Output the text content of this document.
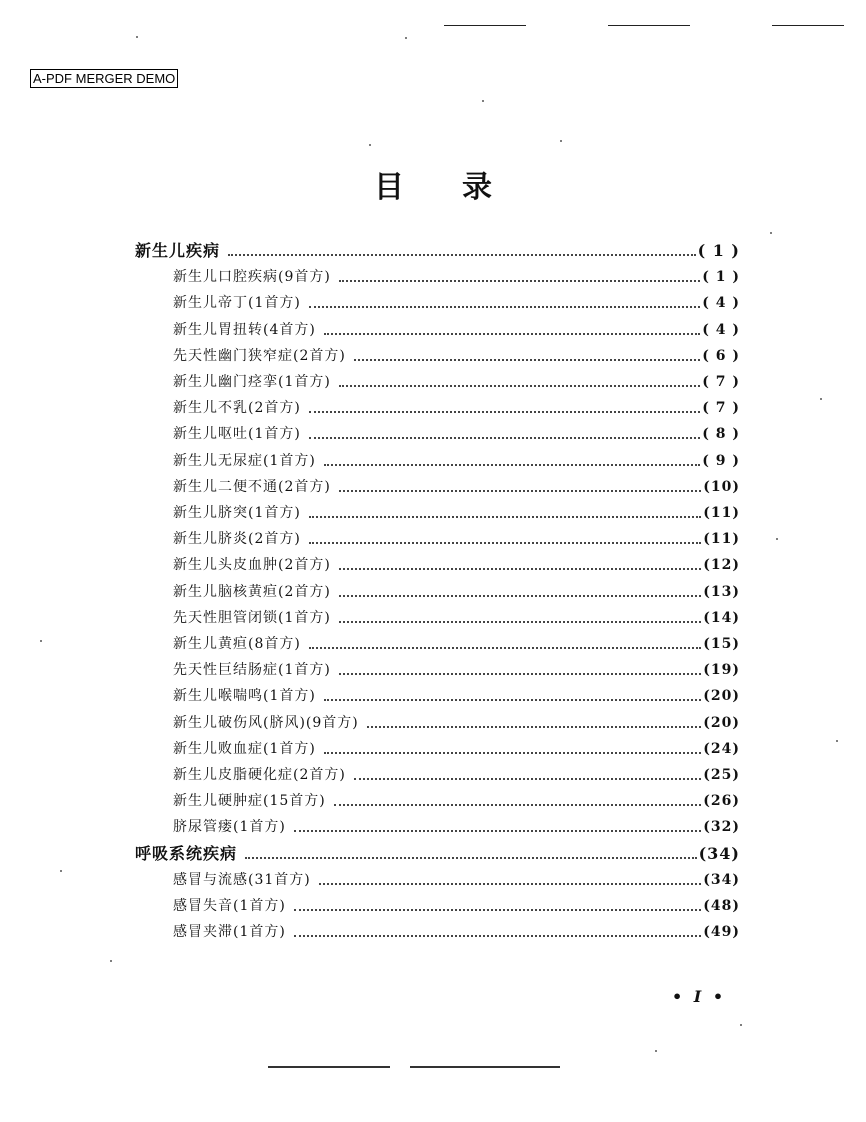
A-PDF MERGER DEMO
目录
新生儿疾病	( 1 )
新生儿口腔疾病(9首方)	( 1 )
新生儿帝丁(1首方)	( 4 )
新生儿胃扭转(4首方)	( 4 )
先天性幽门狭窄症(2首方)	( 6 )
新生儿幽门痉挛(1首方)	( 7 )
新生儿不乳(2首方)	( 7 )
新生儿呕吐(1首方)	( 8 )
新生儿无尿症(1首方)	( 9 )
新生儿二便不通(2首方)	(10)
新生儿脐突(1首方)	(11)
新生儿脐炎(2首方)	(11)
新生儿头皮血肿(2首方)	(12)
新生儿脑核黄疸(2首方)	(13)
先天性胆管闭锁(1首方)	(14)
新生儿黄疸(8首方)	(15)
先天性巨结肠症(1首方)	(19)
新生儿喉喘鸣(1首方)	(20)
新生儿破伤风(脐风)(9首方)	(20)
新生儿败血症(1首方)	(24)
新生儿皮脂硬化症(2首方)	(25)
新生儿硬肿症(15首方)	(26)
脐尿管瘘(1首方)	(32)
呼吸系统疾病	(34)
感冒与流感(31首方)	(34)
感冒失音(1首方)	(48)
感冒夹滞(1首方)	(49)
• I •
